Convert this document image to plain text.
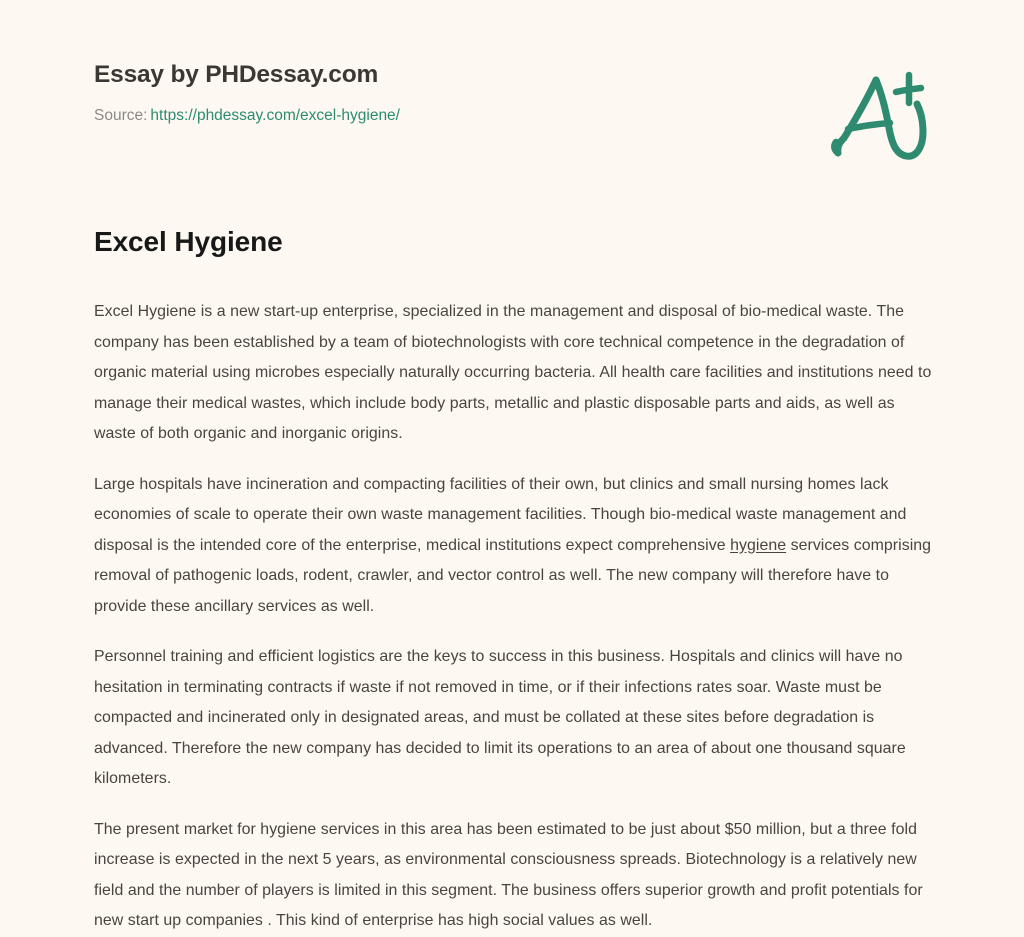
Essay by PHDessay.com
Source: https://phdessay.com/excel-hygiene/
Excel Hygiene

Excel Hygiene is a new start-up enterprise, specialized in the management and disposal of bio-medical waste. The company has been established by a team of biotechnologists with core technical competence in the degradation of organic material using microbes especially naturally occurring bacteria. All health care facilities and institutions need to manage their medical wastes, which include body parts, metallic and plastic disposable parts and aids, as well as waste of both organic and inorganic origins.

Large hospitals have incineration and compacting facilities of their own, but clinics and small nursing homes lack economies of scale to operate their own waste management facilities. Though bio-medical waste management and disposal is the intended core of the enterprise, medical institutions expect comprehensive hygiene services comprising removal of pathogenic loads, rodent, crawler, and vector control as well. The new company will therefore have to provide these ancillary services as well.

Personnel training and efficient logistics are the keys to success in this business. Hospitals and clinics will have no hesitation in terminating contracts if waste if not removed in time, or if their infections rates soar. Waste must be compacted and incinerated only in designated areas, and must be collated at these sites before degradation is advanced. Therefore the new company has decided to limit its operations to an area of about one thousand square kilometers.

The present market for hygiene services in this area has been estimated to be just about $50 million, but a three fold increase is expected in the next 5 years, as environmental consciousness spreads. Biotechnology is a relatively new field and the number of players is limited in this segment. The business offers superior growth and profit potentials for new start up companies . This kind of enterprise has high social values as well.
